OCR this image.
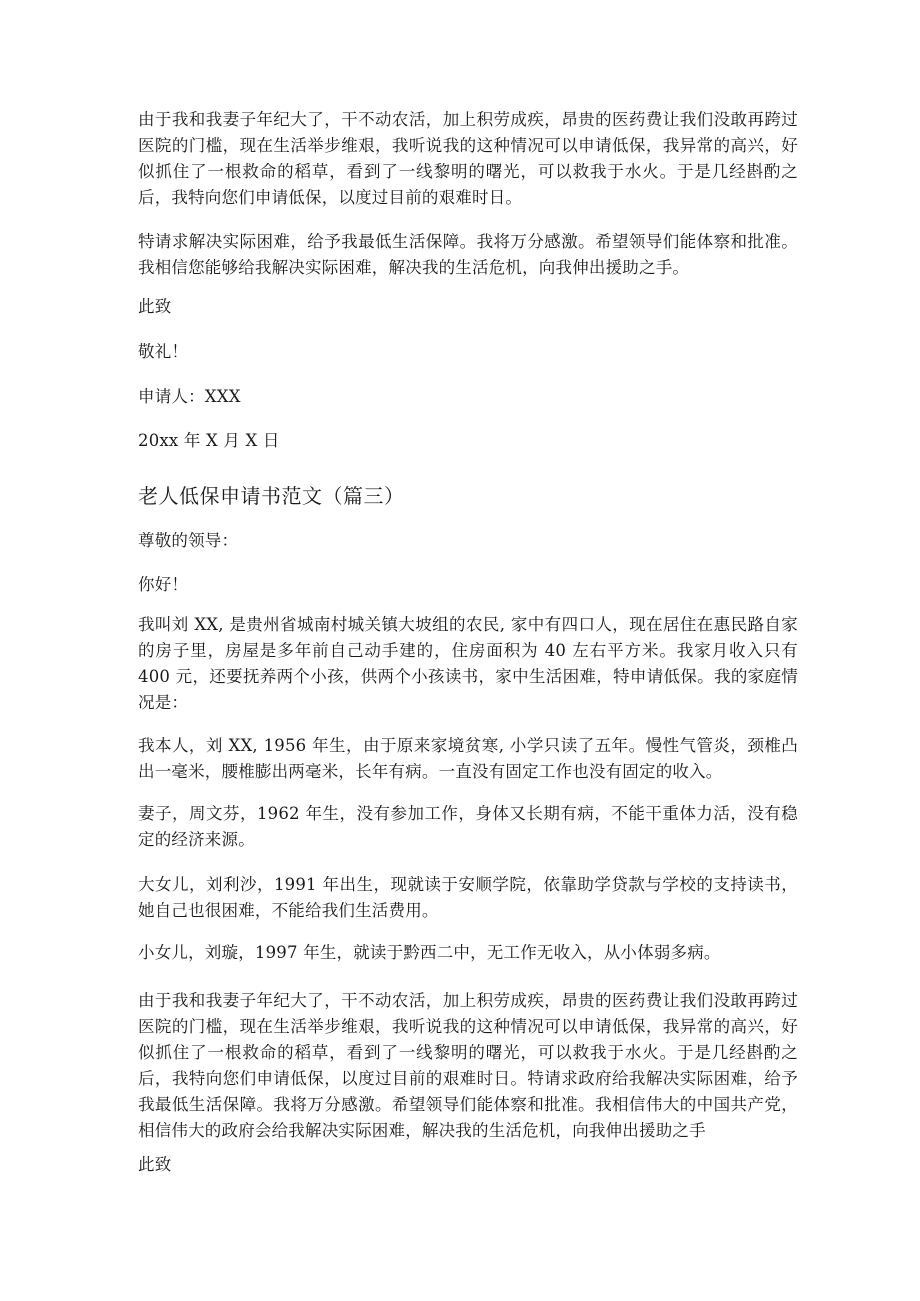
由于我和我妻子年纪大了，干不动农活，加上积劳成疾，昂贵的医药费让我们没敢再跨过医院的门槛，现在生活举步维艰，我听说我的这种情况可以申请低保，我异常的高兴，好似抓住了一根救命的稻草，看到了一线黎明的曙光，可以救我于水火。于是几经斟酌之后，我特向您们申请低保，以度过目前的艰难时日。

特请求解决实际困难，给予我最低生活保障。我将万分感激。希望领导们能体察和批准。我相信您能够给我解决实际困难，解决我的生活危机，向我伸出援助之手。

此致

敬礼！

申请人：XXX

20xx 年 X 月 X 日

老人低保申请书范文（篇三）

尊敬的领导：

你好！

我叫刘 XX, 是贵州省城南村城关镇大坡组的农民, 家中有四口人，现在居住在惠民路自家的房子里，房屋是多年前自己动手建的，住房面积为 40 左右平方米。我家月收入只有 400 元，还要抚养两个小孩，供两个小孩读书，家中生活困难，特申请低保。我的家庭情况是：

我本人，刘 XX, 1956 年生，由于原来家境贫寒, 小学只读了五年。慢性气管炎，颈椎凸出一毫米，腰椎膨出两毫米，长年有病。一直没有固定工作也没有固定的收入。

妻子，周文芬，1962 年生，没有参加工作，身体又长期有病，不能干重体力活，没有稳定的经济来源。

大女儿，刘利沙，1991 年出生，现就读于安顺学院，依靠助学贷款与学校的支持读书，她自己也很困难，不能给我们生活费用。

小女儿，刘璇，1997 年生，就读于黔西二中，无工作无收入，从小体弱多病。

由于我和我妻子年纪大了，干不动农活，加上积劳成疾，昂贵的医药费让我们没敢再跨过医院的门槛，现在生活举步维艰，我听说我的这种情况可以申请低保，我异常的高兴，好似抓住了一根救命的稻草，看到了一线黎明的曙光，可以救我于水火。于是几经斟酌之后，我特向您们申请低保，以度过目前的艰难时日。特请求政府给我解决实际困难，给予我最低生活保障。我将万分感激。希望领导们能体察和批准。我相信伟大的中国共产党，相信伟大的政府会给我解决实际困难，解决我的生活危机，向我伸出援助之手

此致
